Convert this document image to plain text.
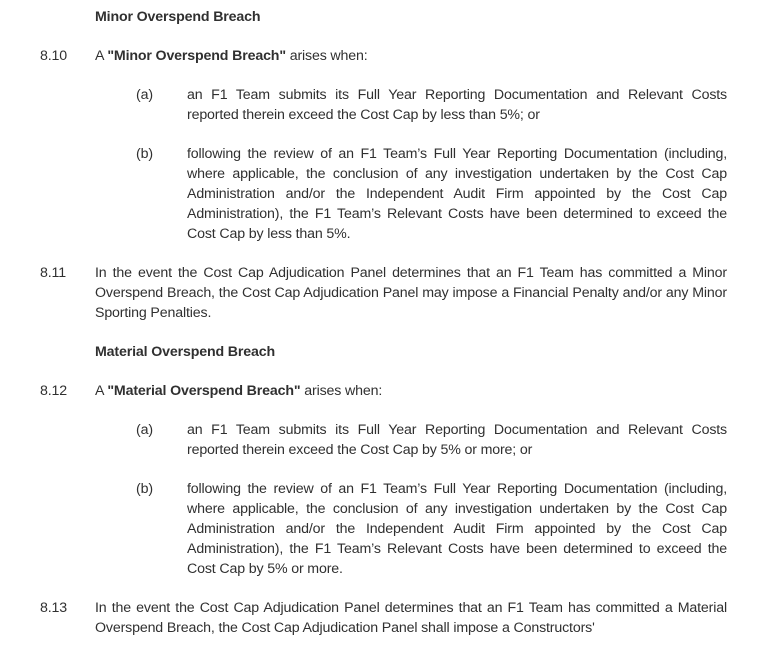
Minor Overspend Breach
8.10	A "Minor Overspend Breach" arises when:
(a)	an F1 Team submits its Full Year Reporting Documentation and Relevant Costs reported therein exceed the Cost Cap by less than 5%; or
(b)	following the review of an F1 Team’s Full Year Reporting Documentation (including, where applicable, the conclusion of any investigation undertaken by the Cost Cap Administration and/or the Independent Audit Firm appointed by the Cost Cap Administration), the F1 Team’s Relevant Costs have been determined to exceed the Cost Cap by less than 5%.
8.11	In the event the Cost Cap Adjudication Panel determines that an F1 Team has committed a Minor Overspend Breach, the Cost Cap Adjudication Panel may impose a Financial Penalty and/or any Minor Sporting Penalties.
Material Overspend Breach
8.12	A "Material Overspend Breach" arises when:
(a)	an F1 Team submits its Full Year Reporting Documentation and Relevant Costs reported therein exceed the Cost Cap by 5% or more; or
(b)	following the review of an F1 Team’s Full Year Reporting Documentation (including, where applicable, the conclusion of any investigation undertaken by the Cost Cap Administration and/or the Independent Audit Firm appointed by the Cost Cap Administration), the F1 Team’s Relevant Costs have been determined to exceed the Cost Cap by 5% or more.
8.13	In the event the Cost Cap Adjudication Panel determines that an F1 Team has committed a Material Overspend Breach, the Cost Cap Adjudication Panel shall impose a Constructors'
